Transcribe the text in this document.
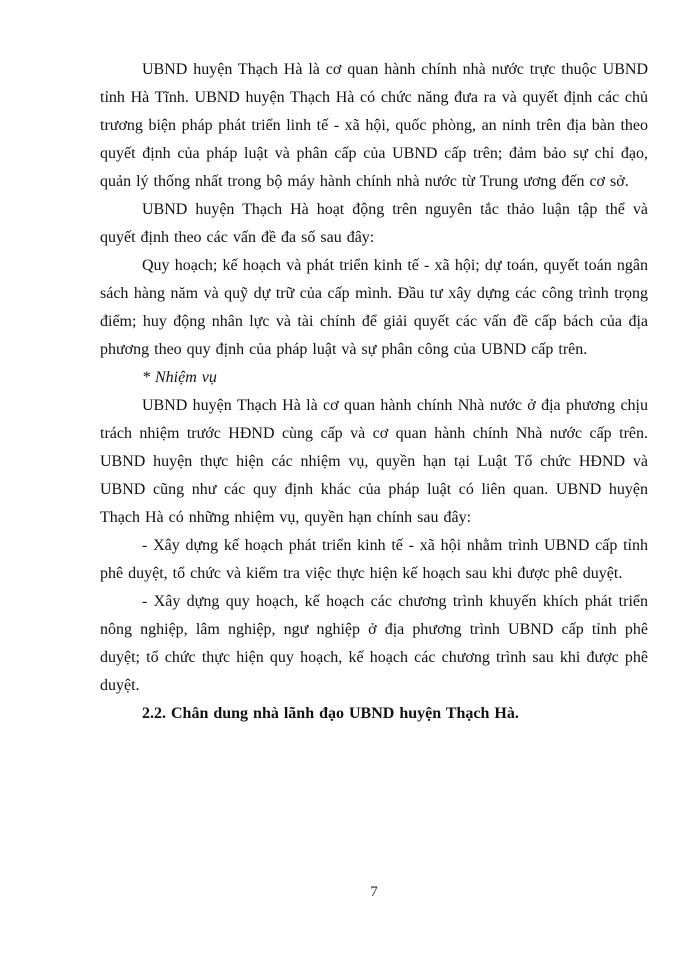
UBND huyện Thạch Hà là cơ quan hành chính nhà nước trực thuộc UBND tỉnh Hà Tĩnh. UBND huyện Thạch Hà có chức năng đưa ra và quyết định các chủ trương biện pháp phát triển linh tế - xã hội, quốc phòng, an ninh trên địa bàn theo quyết định của pháp luật và phân cấp của UBND cấp trên; đảm bảo sự chỉ đạo, quản lý thống nhất trong bộ máy hành chính nhà nước từ Trung ương đến cơ sở.

UBND huyện Thạch Hà hoạt động trên nguyên tắc thảo luận tập thể và quyết định theo các vấn đề đa số sau đây:

Quy hoạch; kế hoạch và phát triển kinh tế - xã hội; dự toán, quyết toán ngân sách hàng năm và quỹ dự trữ của cấp mình. Đầu tư xây dựng các công trình trọng điểm; huy động nhân lực và tài chính để giải quyết các vấn đề cấp bách của địa phương theo quy định của pháp luật và sự phân công của UBND cấp trên.

* Nhiệm vụ

UBND huyện Thạch Hà là cơ quan hành chính Nhà nước ở địa phương chịu trách nhiệm trước HĐND cùng cấp và cơ quan hành chính Nhà nước cấp trên. UBND huyện thực hiện các nhiệm vụ, quyền hạn tại Luật Tổ chức HĐND và UBND cũng như các quy định khác của pháp luật có liên quan. UBND huyện Thạch Hà có những nhiệm vụ, quyền hạn chính sau đây:

- Xây dựng kế hoạch phát triển kinh tế - xã hội nhằm trình UBND cấp tỉnh phê duyệt, tổ chức và kiểm tra việc thực hiện kế hoạch sau khi được phê duyệt.

- Xây dựng quy hoạch, kế hoạch các chương trình khuyến khích phát triển nông nghiệp, lâm nghiệp, ngư nghiệp ở địa phương trình UBND cấp tỉnh phê duyệt; tổ chức thực hiện quy hoạch, kế hoạch các chương trình sau khi được phê duyệt.

2.2. Chân dung nhà lãnh đạo UBND huyện Thạch Hà.

7
